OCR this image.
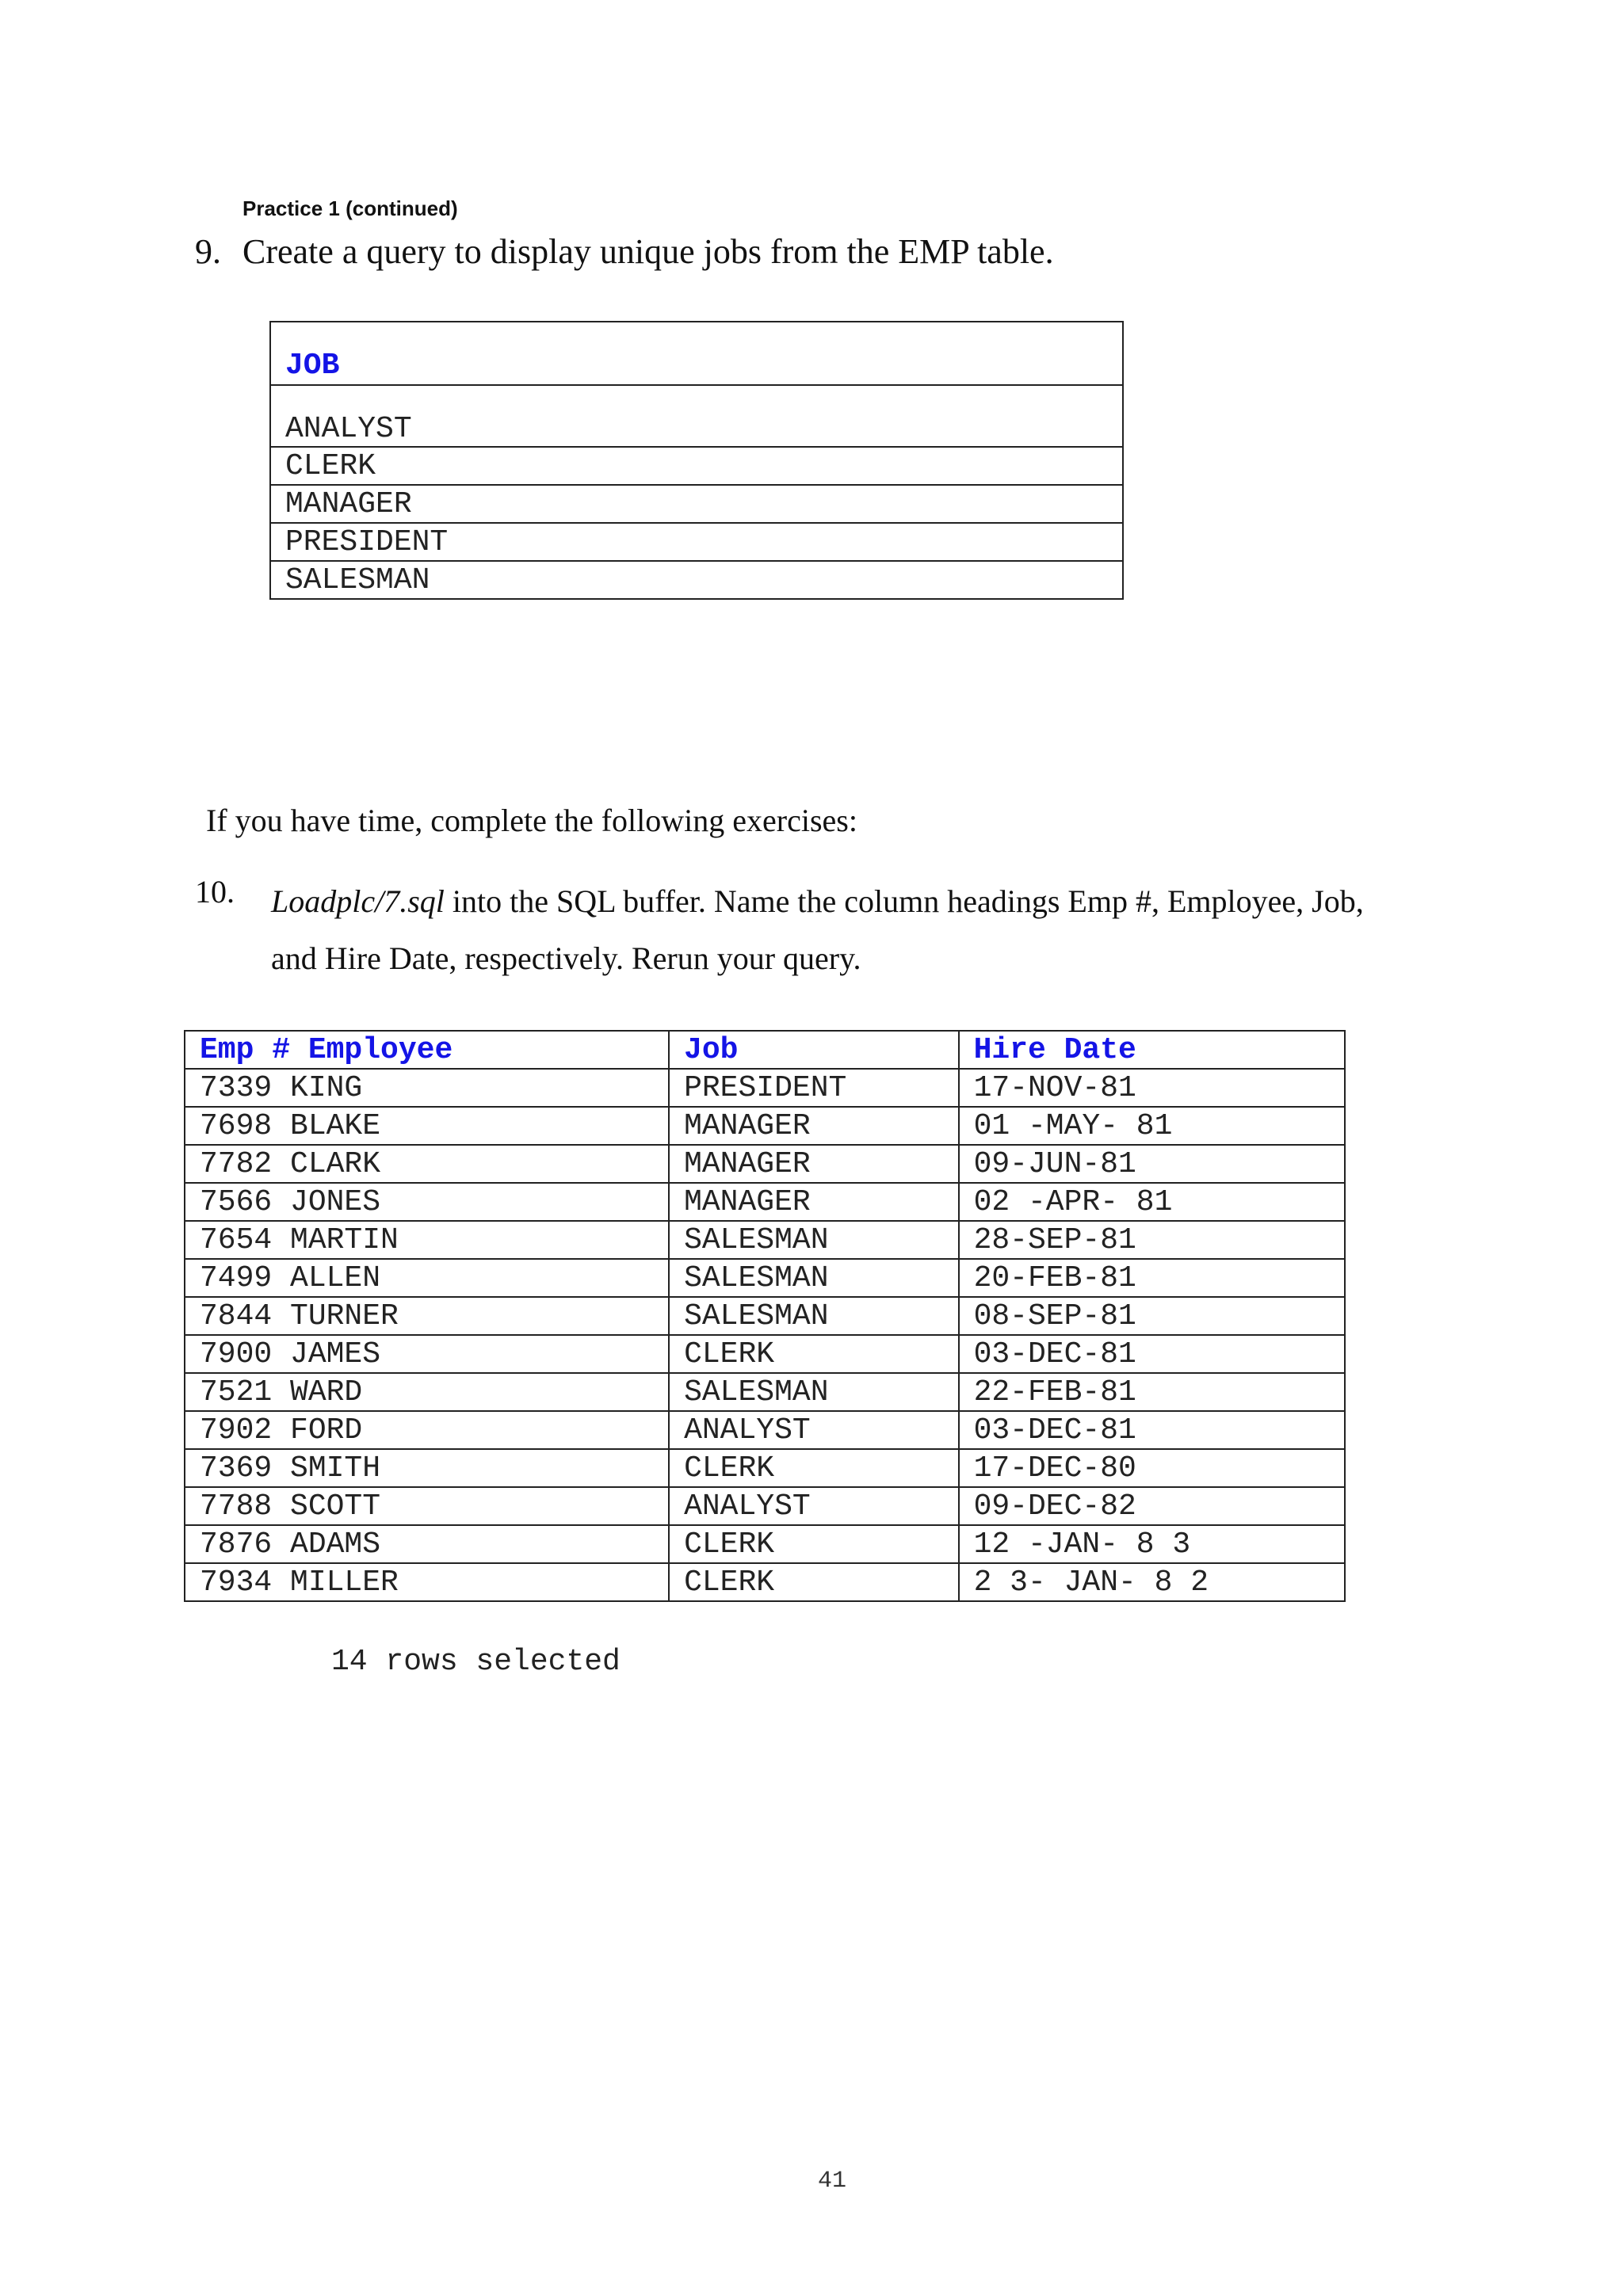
Practice 1 (continued)
9. Create a query to display unique jobs from the EMP table.
JOB
ANALYST
CLERK
MANAGER
PRESIDENT
SALESMAN
If you have time, complete the following exercises:
10. Loadplc/7.sql into the SQL buffer. Name the column headings Emp #, Employee, Job, and Hire Date, respectively. Rerun your query.
Emp # Employee	Job	Hire Date
7339 KING	PRESIDENT	17-NOV-81
7698 BLAKE	MANAGER	01 -MAY- 81
7782 CLARK	MANAGER	09-JUN-81
7566 JONES	MANAGER	02 -APR- 81
7654 MARTIN	SALESMAN	28-SEP-81
7499 ALLEN	SALESMAN	20-FEB-81
7844 TURNER	SALESMAN	08-SEP-81
7900 JAMES	CLERK	03-DEC-81
7521 WARD	SALESMAN	22-FEB-81
7902 FORD	ANALYST	03-DEC-81
7369 SMITH	CLERK	17-DEC-80
7788 SCOTT	ANALYST	09-DEC-82
7876 ADAMS	CLERK	12 -JAN- 8 3
7934 MILLER	CLERK	2 3- JAN- 8 2
14 rows selected
41
